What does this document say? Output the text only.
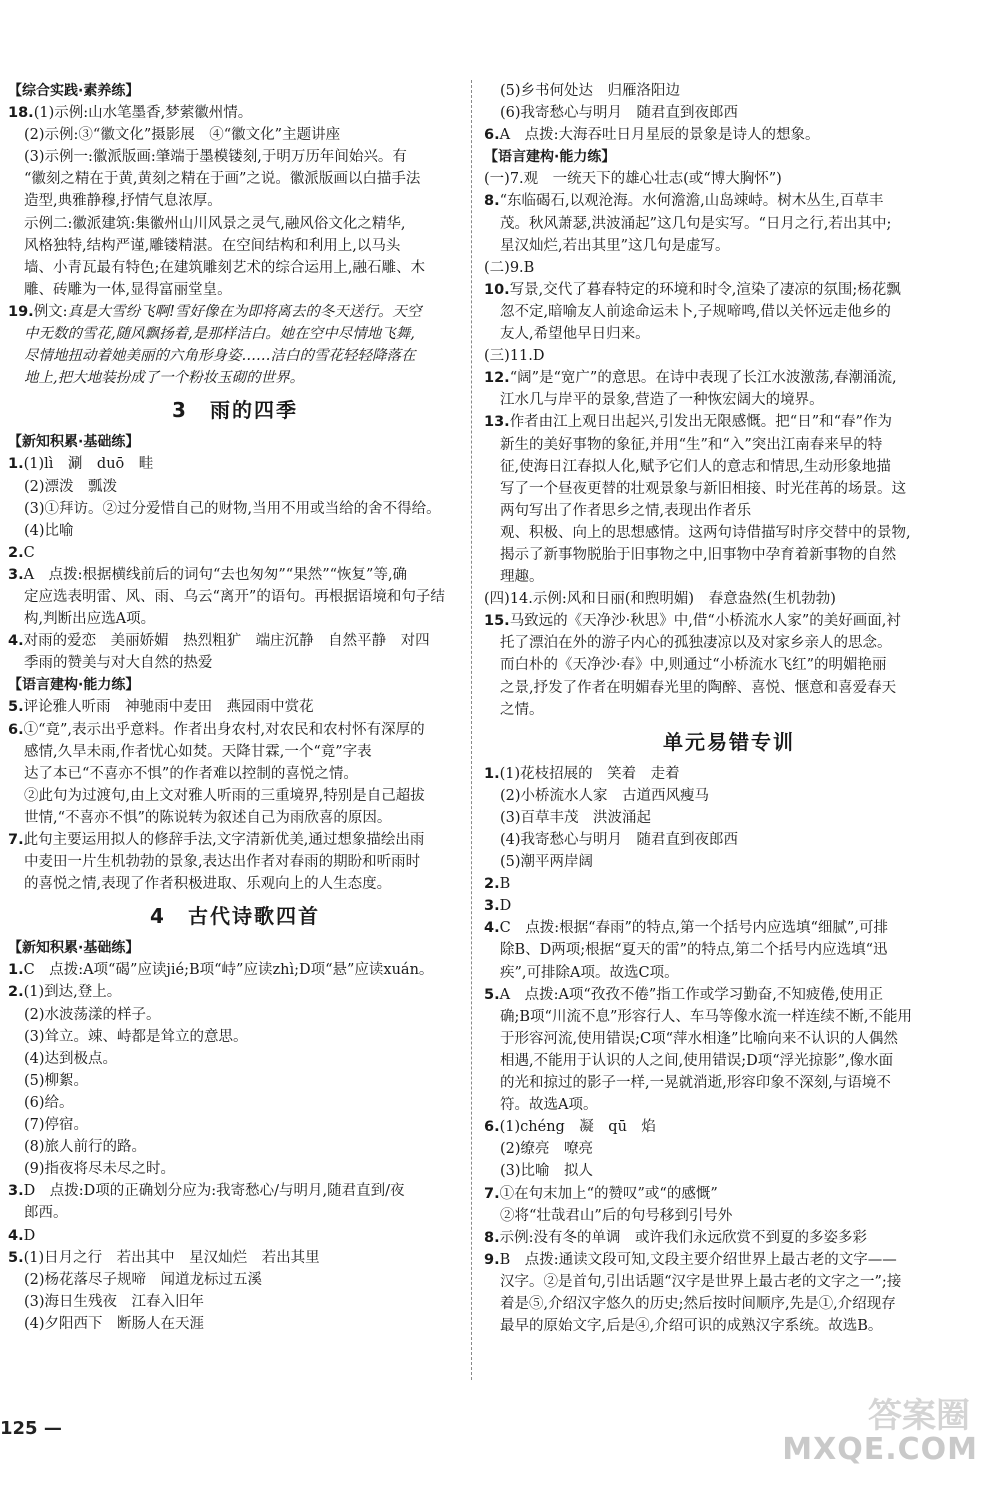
【综合实践·素养练】
18.(1)示例:山水笔墨香,梦萦徽州情。
(2)示例:③“徽文化”摄影展　④“徽文化”主题讲座
(3)示例一:徽派版画:肇端于墨模镂刻,于明万历年间始兴。有
“徽刻之精在于黄,黄刻之精在于画”之说。徽派版画以白描手法
造型,典雅静穆,抒情气息浓厚。
示例二:徽派建筑:集徽州山川风景之灵气,融风俗文化之精华,
风格独特,结构严谨,雕镂精湛。在空间结构和利用上,以马头
墙、小青瓦最有特色;在建筑雕刻艺术的综合运用上,融石雕、木
雕、砖雕为一体,显得富丽堂皇。
19.例文:真是大雪纷飞啊!雪好像在为即将离去的冬天送行。天空
中无数的雪花,随风飘扬着,是那样洁白。她在空中尽情地飞舞,
尽情地扭动着她美丽的六角形身姿……洁白的雪花轻轻降落在
地上,把大地装扮成了一个粉妆玉砌的世界。
3　雨的四季
【新知积累·基础练】
1.(1)lì　涮　duō　畦
(2)漂泼　瓢泼
(3)①拜访。②过分爱惜自己的财物,当用不用或当给的舍不得给。
(4)比喻
2.C
3.A　点拨:根据横线前后的词句“去也匆匆”“果然”“恢复”等,确
定应选表明雷、风、雨、乌云“离开”的语句。再根据语境和句子结
构,判断出应选A项。
4.对雨的爱恋　美丽娇媚　热烈粗犷　端庄沉静　自然平静　对四
季雨的赞美与对大自然的热爱
【语言建构·能力练】
5.评论雅人听雨　神驰雨中麦田　燕园雨中赏花
6.①“竟”,表示出乎意料。作者出身农村,对农民和农村怀有深厚的
感情,久旱未雨,作者忧心如焚。天降甘霖,一个“竟”字表
达了本已“不喜亦不惧”的作者难以控制的喜悦之情。
②此句为过渡句,由上文对雅人听雨的三重境界,特别是自己超拔
世情,“不喜亦不惧”的陈说转为叙述自己为雨欣喜的原因。
7.此句主要运用拟人的修辞手法,文字清新优美,通过想象描绘出雨
中麦田一片生机勃勃的景象,表达出作者对春雨的期盼和听雨时
的喜悦之情,表现了作者积极进取、乐观向上的人生态度。
4　古代诗歌四首
【新知积累·基础练】
1.C　点拨:A项“碣”应读jié;B项“峙”应读zhì;D项“悬”应读xuán。
2.(1)到达,登上。
(2)水波荡漾的样子。
(3)耸立。竦、峙都是耸立的意思。
(4)达到极点。
(5)柳絮。
(6)给。
(7)停宿。
(8)旅人前行的路。
(9)指夜将尽未尽之时。
3.D　点拨:D项的正确划分应为:我寄愁心/与明月,随君直到/夜
郎西。
4.D
5.(1)日月之行　若出其中　星汉灿烂　若出其里
(2)杨花落尽子规啼　闻道龙标过五溪
(3)海日生残夜　江春入旧年
(4)夕阳西下　断肠人在天涯
(5)乡书何处达　归雁洛阳边
(6)我寄愁心与明月　随君直到夜郎西
6.A　点拨:大海吞吐日月星辰的景象是诗人的想象。
【语言建构·能力练】
(一)7.观　一统天下的雄心壮志(或“博大胸怀”)
8.“东临碣石,以观沧海。水何澹澹,山岛竦峙。树木丛生,百草丰
茂。秋风萧瑟,洪波涌起”这几句是实写。“日月之行,若出其中;
星汉灿烂,若出其里”这几句是虚写。
(二)9.B
10.写景,交代了暮春特定的环境和时令,渲染了凄凉的氛围;杨花飘
忽不定,暗喻友人前途命运未卜,子规啼鸣,借以关怀远走他乡的
友人,希望他早日归来。
(三)11.D
12.“阔”是“宽广”的意思。在诗中表现了长江水波激荡,春潮涌流,
江水几与岸平的景象,营造了一种恢宏阔大的境界。
13.作者由江上观日出起兴,引发出无限感慨。把“日”和“春”作为
新生的美好事物的象征,并用“生”和“入”突出江南春来早的特
征,使海日江春拟人化,赋予它们人的意志和情思,生动形象地描
写了一个昼夜更替的壮观景象与新旧相接、时光荏苒的场景。这
两句写出了作者思乡之情,表现出作者乐
观、积极、向上的思想感情。这两句诗借描写时序交替中的景物,
揭示了新事物脱胎于旧事物之中,旧事物中孕育着新事物的自然
理趣。
(四)14.示例:风和日丽(和煦明媚)　春意盎然(生机勃勃)
15.马致远的《天净沙·秋思》中,借“小桥流水人家”的美好画面,衬
托了漂泊在外的游子内心的孤独凄凉以及对家乡亲人的思念。
而白朴的《天净沙·春》中,则通过“小桥流水飞红”的明媚艳丽
之景,抒发了作者在明媚春光里的陶醉、喜悦、惬意和喜爱春天
之情。
单元易错专训
1.(1)花枝招展的　笑着　走着
(2)小桥流水人家　古道西风瘦马
(3)百草丰茂　洪波涌起
(4)我寄愁心与明月　随君直到夜郎西
(5)潮平两岸阔
2.B
3.D
4.C　点拨:根据“春雨”的特点,第一个括号内应选填“细腻”,可排
除B、D两项;根据“夏天的雷”的特点,第二个括号内应选填“迅
疾”,可排除A项。故选C项。
5.A　点拨:A项“孜孜不倦”指工作或学习勤奋,不知疲倦,使用正
确;B项“川流不息”形容行人、车马等像水流一样连续不断,不能用
于形容河流,使用错误;C项“萍水相逢”比喻向来不认识的人偶然
相遇,不能用于认识的人之间,使用错误;D项“浮光掠影”,像水面
的光和掠过的影子一样,一晃就消逝,形容印象不深刻,与语境不
符。故选A项。
6.(1)chéng　凝　qū　焰
(2)缭亮　嘹亮
(3)比喻　拟人
7.①在句末加上“的赞叹”或“的感慨”
②将“壮哉君山”后的句号移到引号外
8.示例:没有冬的单调　或许我们永远欣赏不到夏的多姿多彩
9.B　点拨:通读文段可知,文段主要介绍世界上最古老的文字——
汉字。②是首句,引出话题“汉字是世界上最古老的文字之一”;接
着是⑤,介绍汉字悠久的历史;然后按时间顺序,先是①,介绍现存
最早的原始文字,后是④,介绍可识的成熟汉字系统。故选B。
125 —	答案圈
MXQE.COM
